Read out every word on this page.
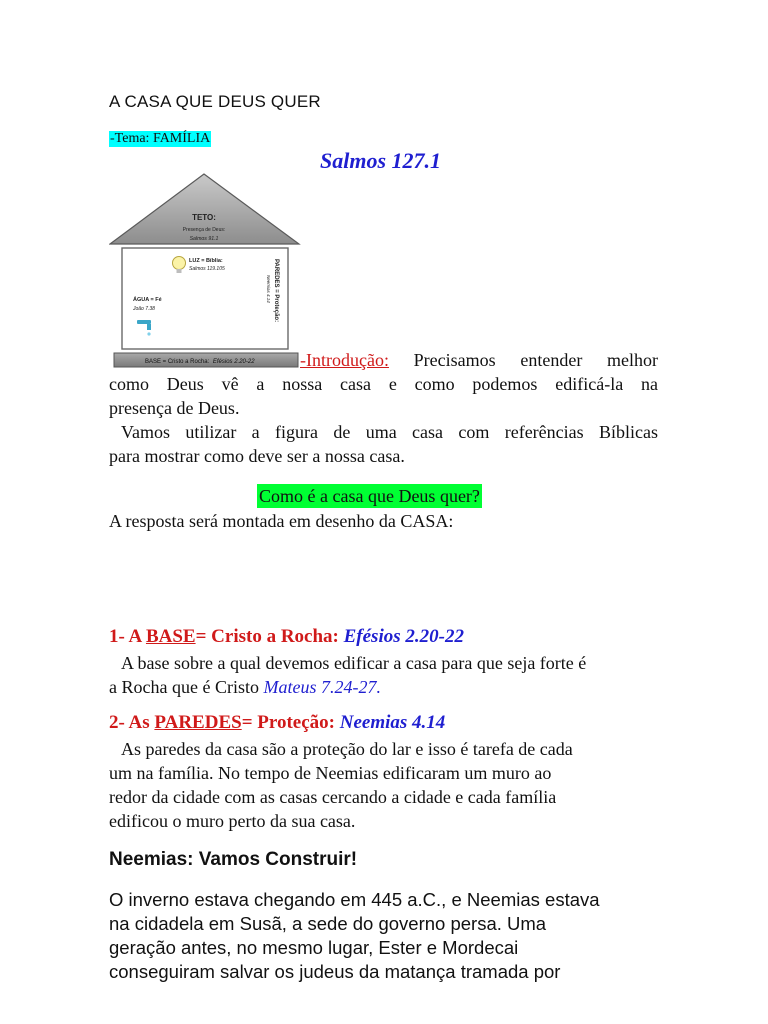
A CASA QUE DEUS QUER
-Tema: FAMÍLIA
Salmos 127.1
TETO:
Presença de Deus:
Salmos 91.1
LUZ = Bíblia:
Salmos 119.105
ÁGUA = Fé
João 7.38	PAREDES = Proteção:
Neemias 4.14
BASE = Cristo a Rocha: Efésios 2.20-22	-Introdução: Precisamos entender melhor
como Deus vê a nossa casa e como podemos edificá-la na
presença de Deus.
Vamos utilizar a figura de uma casa com referências Bíblicas
para mostrar como deve ser a nossa casa.
Como é a casa que Deus quer?
A resposta será montada em desenho da CASA:
1- A BASE= Cristo a Rocha: Efésios 2.20-22
A base sobre a qual devemos edificar a casa para que seja forte é
a Rocha que é Cristo Mateus 7.24-27.
2- As PAREDES= Proteção: Neemias 4.14
As paredes da casa são a proteção do lar e isso é tarefa de cada
um na família. No tempo de Neemias edificaram um muro ao
redor da cidade com as casas cercando a cidade e cada família
edificou o muro perto da sua casa.
Neemias: Vamos Construir!
O inverno estava chegando em 445 a.C., e Neemias estava
na cidadela em Susã, a sede do governo persa. Uma
geração antes, no mesmo lugar, Ester e Mordecai
conseguiram salvar os judeus da matança tramada por
